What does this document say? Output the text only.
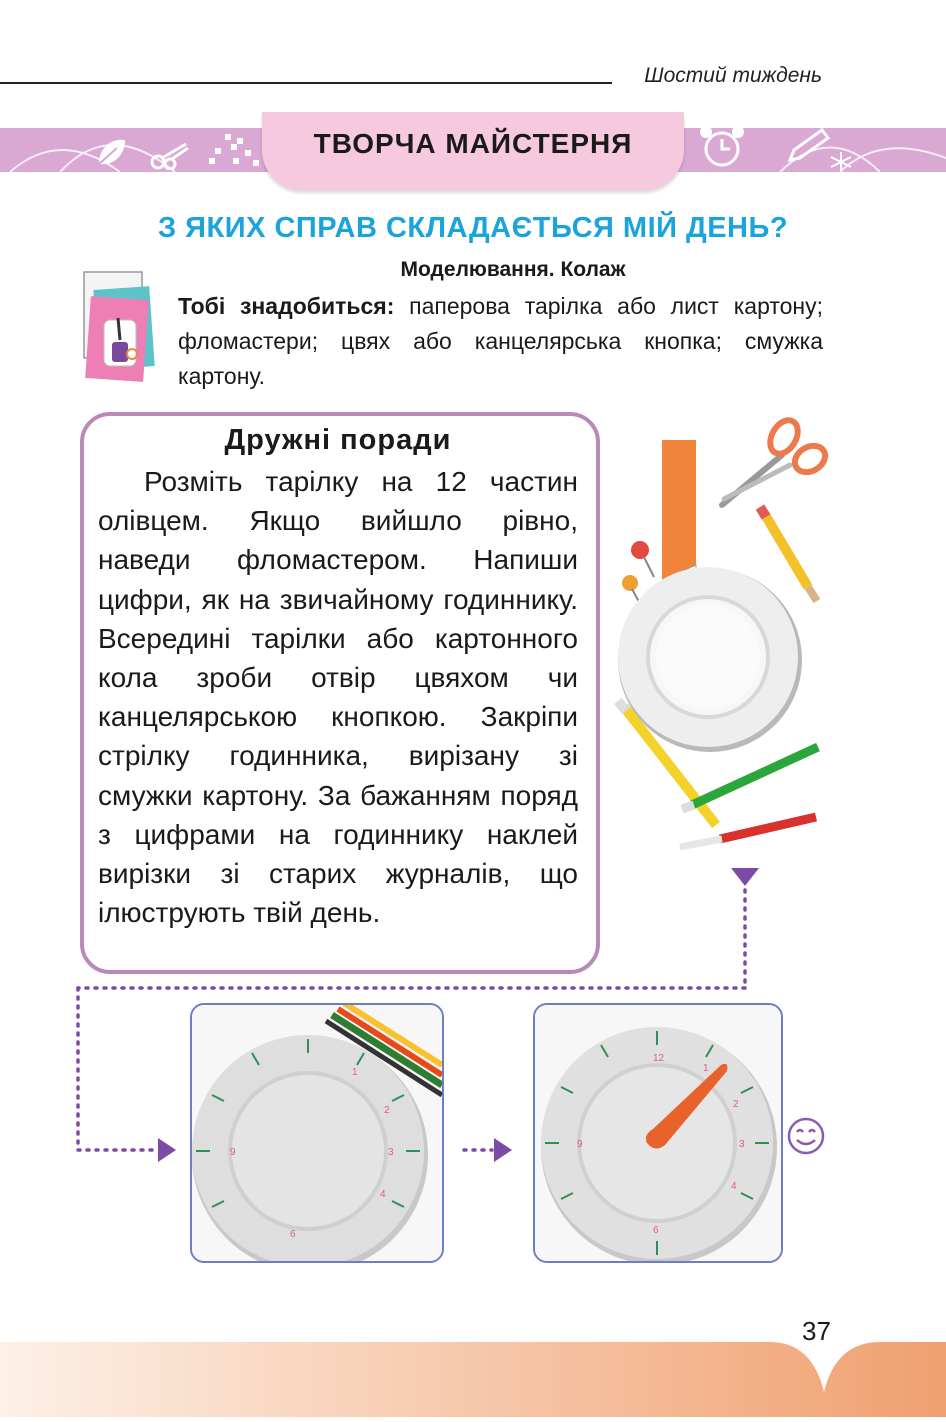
Шостий тиждень
ТВОРЧА МАЙСТЕРНЯ
З ЯКИХ СПРАВ СКЛАДАЄТЬСЯ МІЙ ДЕНЬ?
Моделювання. Колаж
Тобі знадобиться: паперова тарілка або лист картону; фломастери; цвях або канцелярська кнопка; смужка картону.
Дружні поради
Розміть тарілку на 12 частин олівцем. Якщо вийшло рівно, наведи фломастером. Напиши цифри, як на звичайному годиннику. Всередині тарілки або картонного кола зроби отвір цвяхом чи канцелярською кнопкою. Закріпи стрілку годинника, вирізану зі смужки картону. За бажанням поряд з цифрами на годиннику наклей вирізки зі старих журналів, що ілюструють твій день.
1
2
3
4
6
9
12
1
2
3
4
6
9
37
